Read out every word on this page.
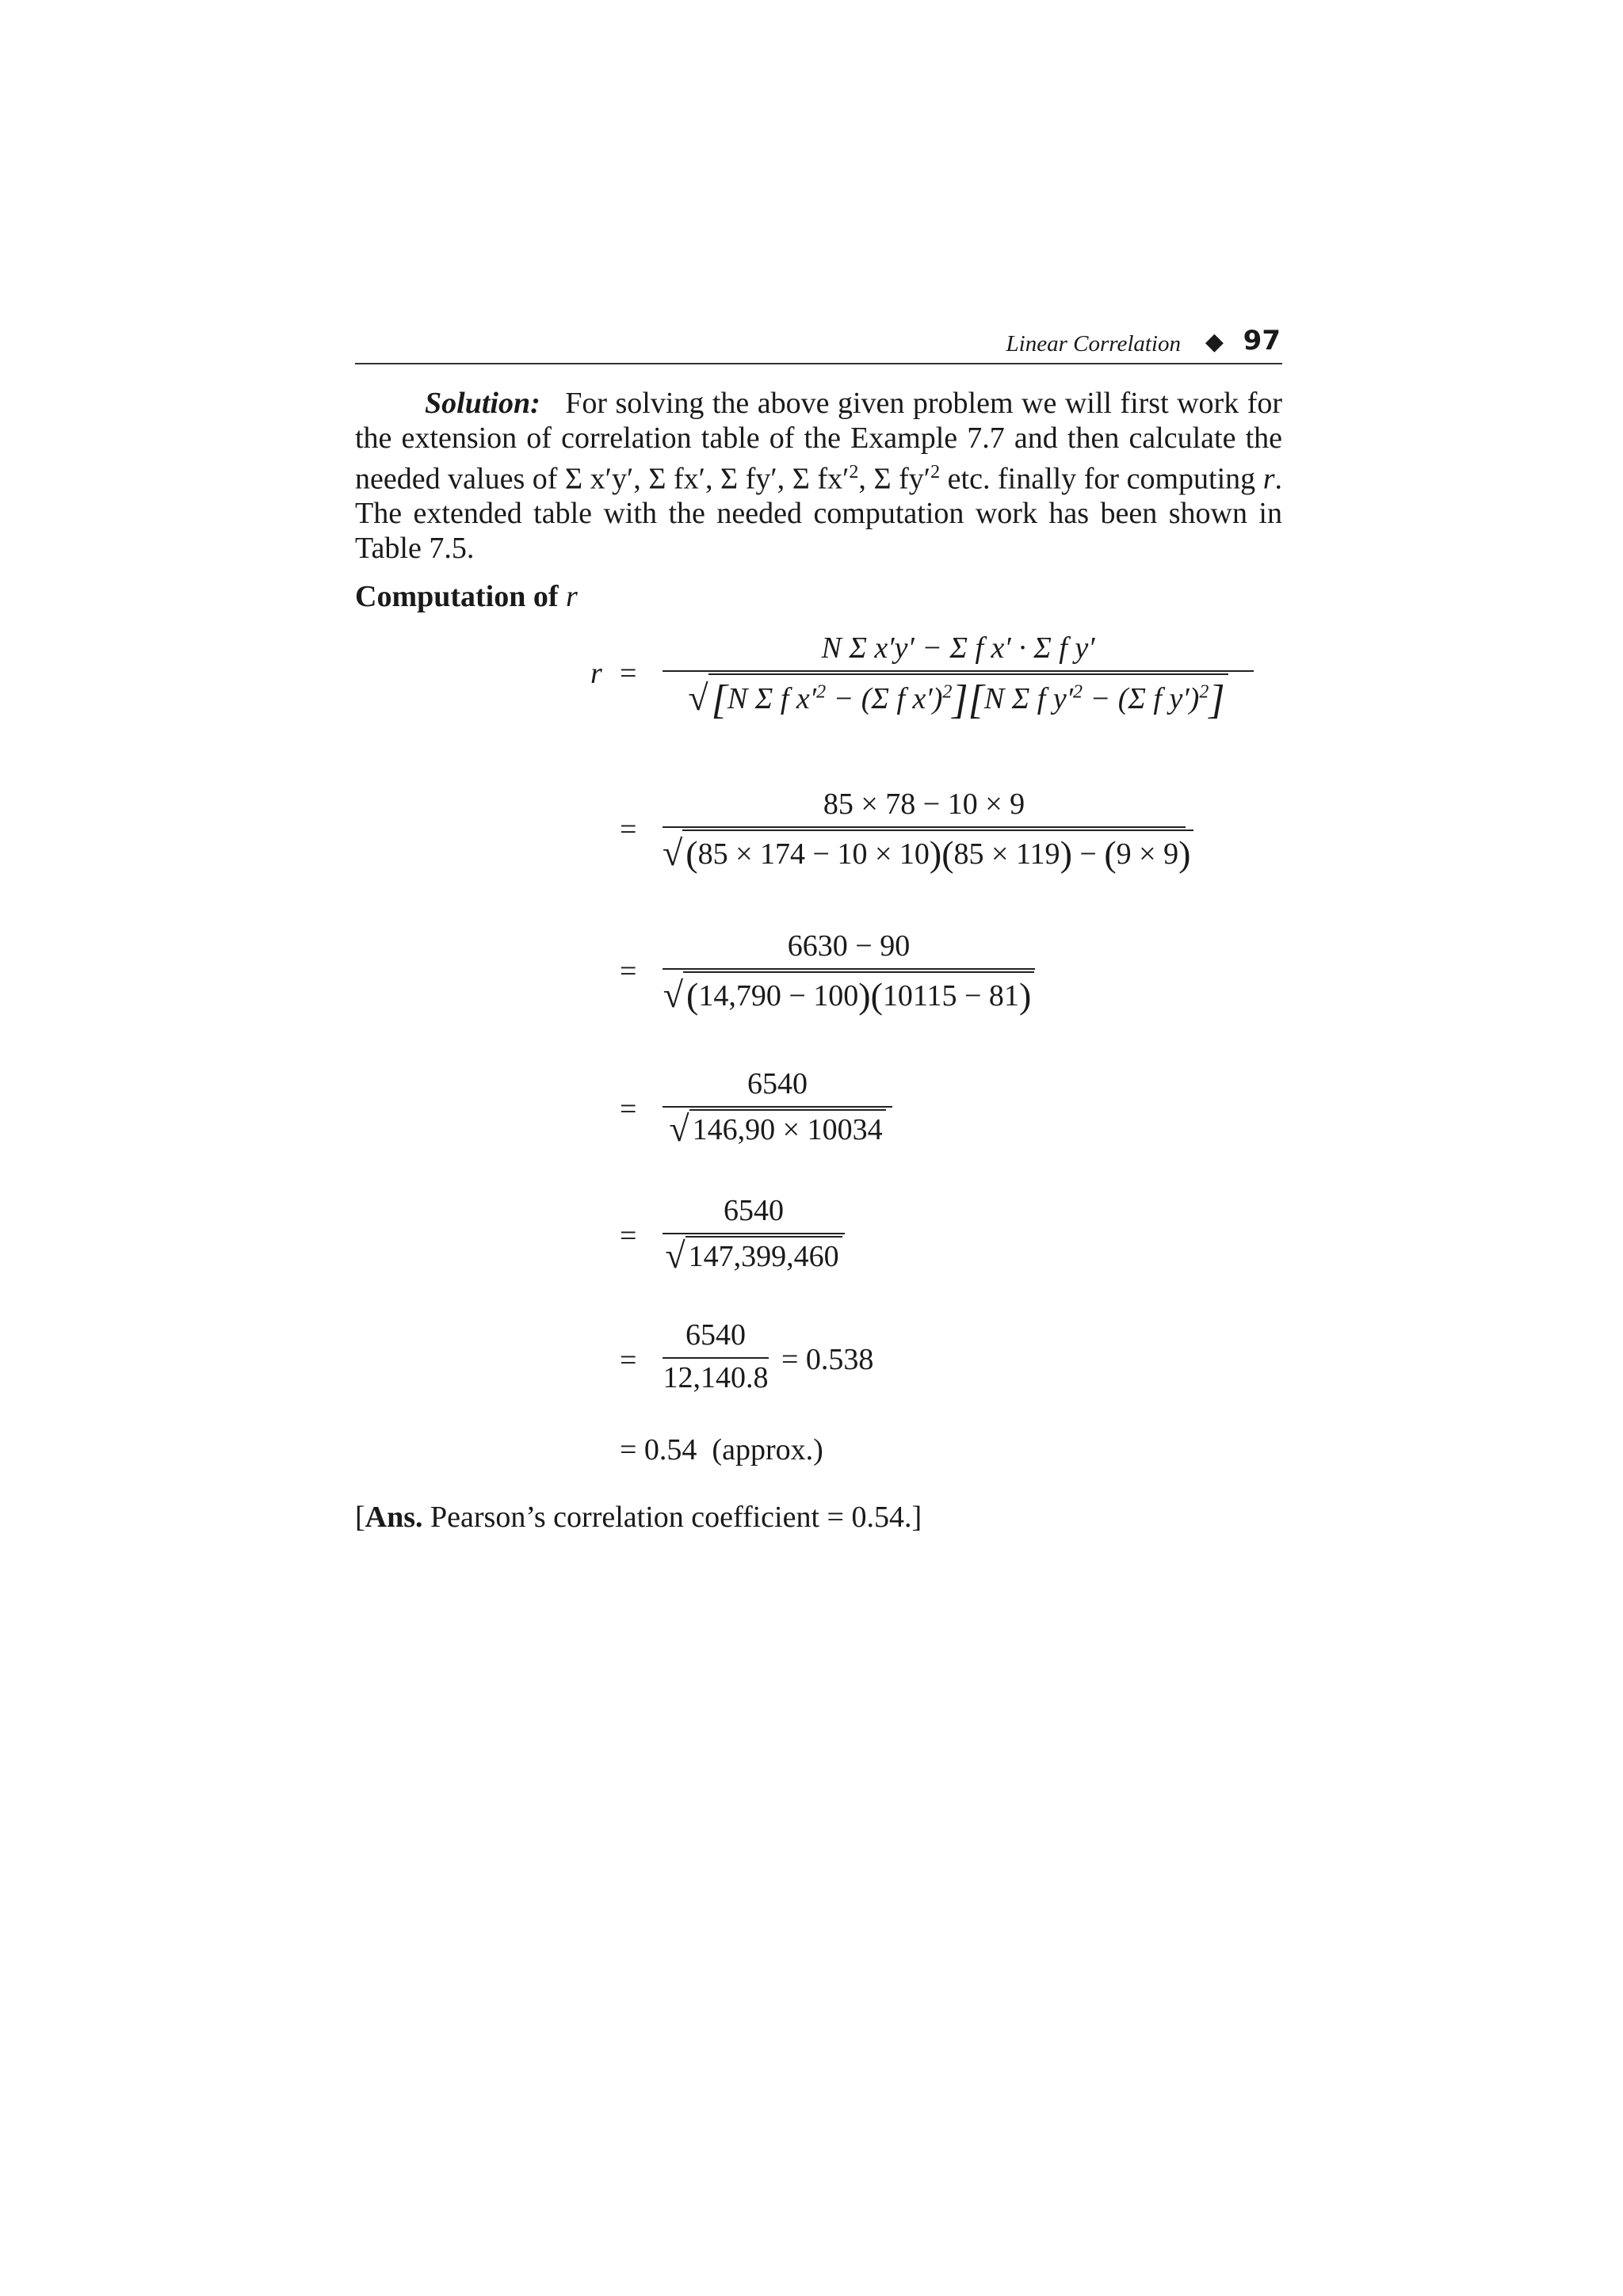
Linear Correlation ◆ 97
Solution: For solving the above given problem we will first work for the extension of correlation table of the Example 7.7 and then calculate the needed values of Σ x′y′, Σ fx′, Σ fy′, Σ $fx'^2$, Σ $fy'^2$ etc. finally for computing r. The extended table with the needed computation work has been shown in Table 7.5.
Computation of r
r =
N Σ x′y′ − Σ f x′ · Σ f y′
√[N Σ f $x'^2 - (\Sigma$ f x′)$^2$][N Σ f $y'^2 - (\Sigma$ f y′)$^2$]
=
85 × 78 − 10 × 9
√(85 × 174 − 10 × 10)(85 × 119) − (9 × 9)
=
6630 − 90
√(14,790 − 100)(10115 − 81)
=
6540
√ 146,90 × 10034
=
6540
√ 147,399,460
=
6540
12,140.8
= 0.538
= 0.54  (approx.)
[Ans. Pearson’s correlation coefficient = 0.54.]
